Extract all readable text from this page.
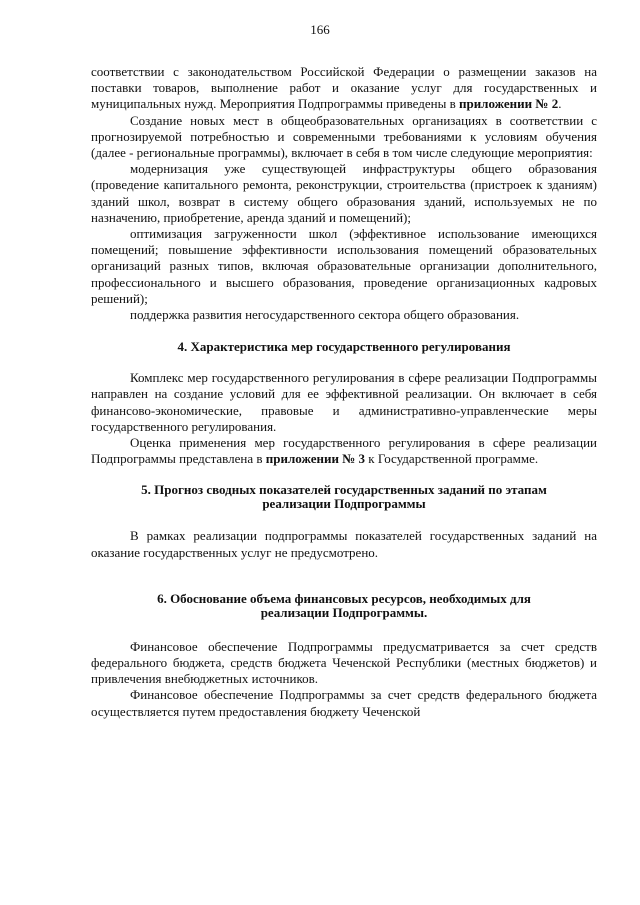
166

соответствии с законодательством Российской Федерации о размещении заказов на поставки товаров, выполнение работ и оказание услуг для государственных и муниципальных нужд. Мероприятия Подпрограммы приведены в приложении № 2.

Создание новых мест в общеобразовательных организациях в соответствии с прогнозируемой потребностью и современными требованиями к условиям обучения (далее - региональные программы), включает в себя в том числе следующие мероприятия:

модернизация уже существующей инфраструктуры общего образования (проведение капитального ремонта, реконструкции, строительства (пристроек к зданиям) зданий школ, возврат в систему общего образования зданий, используемых не по назначению, приобретение, аренда зданий и помещений);

оптимизация загруженности школ (эффективное использование имеющихся помещений; повышение эффективности использования помещений образовательных организаций разных типов, включая образовательные организации дополнительного, профессионального и высшего образования, проведение организационных кадровых решений);

поддержка развития негосударственного сектора общего образования.

4. Характеристика мер государственного регулирования

Комплекс мер государственного регулирования в сфере реализации Подпрограммы направлен на создание условий для ее эффективной реализации. Он включает в себя финансово-экономические, правовые и административно-управленческие меры государственного регулирования.

Оценка применения мер государственного регулирования в сфере реализации Подпрограммы представлена в приложении № 3 к Государственной программе.

5. Прогноз сводных показателей государственных заданий по этапам
реализации Подпрограммы

В рамках реализации подпрограммы показателей государственных заданий на оказание государственных услуг не предусмотрено.

6. Обоснование объема финансовых ресурсов, необходимых для
реализации Подпрограммы.

Финансовое обеспечение Подпрограммы предусматривается за счет средств федерального бюджета, средств бюджета Чеченской Республики (местных бюджетов) и привлечения внебюджетных источников.

Финансовое обеспечение Подпрограммы за счет средств федерального бюджета осуществляется путем предоставления бюджету Чеченской
